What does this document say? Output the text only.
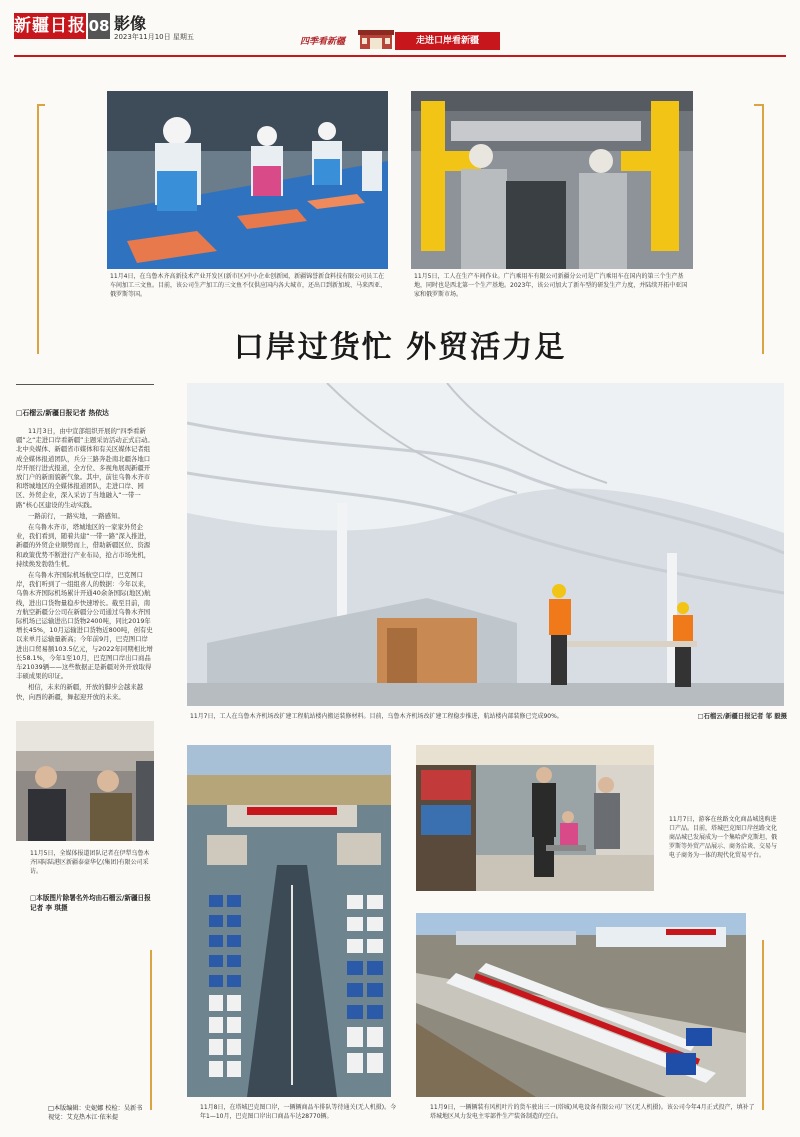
新疆日报 08 影像
2023年11月10日 星期五	四季看新疆	走进口岸看新疆
11月4日，在乌鲁木齐高新技术产业开发区(新市区)中小企业创新园，新疆锦誉新食料技有限公司员工在车间加工三文鱼。目前，该公司生产加工的三文鱼不仅供应国内各大城市，还出口到新加坡、马来西亚、俄罗斯等国。
11月5日，工人在生产车间作业。广汽乘用车有限公司新疆分公司是广汽乘用车在国内的第三个生产基地，同时也是西北第一个生产基地。2023年，该公司加大了新车型的研发生产力度，并陆续开拓中亚国家和俄罗斯市场。
口岸过货忙 外贸活力足
□石榴云/新疆日报记者 热依达

11月3日，由中宣部组织开展的“四季看新疆”之“走进口岸看新疆”主题采访活动正式启动。北中央媒体、新疆省市媒体和有关区媒体记者组成全媒体报道团队，兵分三路奔赴南北疆各地口岸开展行进式报道，全方位、多视角展现新疆开放门户的新面貌新气象。其中，前往乌鲁木齐市和塔城地区的全媒体报道团队，走进口岸、园区、外贸企业，深入采访了当地融入“一带一路”核心区建设的生动实践。

一路前行，一路实地，一路感知。

在乌鲁木齐市，塔城地区的一家家外贸企业，我们看到，随着共建“一带一路”深入推进，新疆的外贸企业顺势而上，借助新疆区位、资源和政策优势不断进行产业布局，抢占市场先机，持续焕发勃勃生机。

在乌鲁木齐国际机场航空口岸，巴克图口岸，我们听到了一组组喜人的数据：今年以来，乌鲁木齐国际机场累计开通40余条国际(地区)航线，进出口货物量稳步快速增长。截至目前，南方航空新疆分公司在新疆分公司通过乌鲁木齐国际机场已运输进出口货物2400吨，同比2019年增长45%，10月运输进口货物近800吨，创有史以来单月运输量新高；今年前9月，巴克图口岸进出口贸易额103.5亿元，与2022年同期相比增长58.1%，今年1至10月，巴克图口岸出口商品车21039辆——这些数据正是新疆对外开放取得丰硕成果的印证。

相信，未来的新疆，开放的脚步会越来越快，向西的新疆，舞起迎开放的未来。

11月7日，工人在乌鲁木齐机场改扩建工程航站楼内搬运装修材料。目前，乌鲁木齐机场改扩建工程稳步推进，航站楼内部装修已完成90%。	□石榴云/新疆日报记者 邹 毅摄
11月5日，全媒体报道团队记者在伊犁乌鲁木齐国际陆港区新疆泰豪华亿(集团)有限公司采访。
□本版图片除署名外均由石榴云/新疆日报记者 李 琪摄
11月8日，在塔城巴克图口岸，一辆辆商品车排队等待通关(无人机摄)。今年1—10月，巴克图口岸出口商品车达28770辆。
11月7日，游客在丝路文化商品城选购进口产品。目前，塔城巴克图口岸丝路文化商品城已发展成为一个集哈萨克斯坦、俄罗斯等外贸产品展示、商务洽谈、交易与电子商务为一体的现代化贸易平台。
11月9日，一辆辆装有风机叶片的货车驶出三一(塔城)风电设备有限公司厂区(无人机摄)。该公司今年4月正式投产，填补了塔城地区风力发电主零部件生产装备制造的空白。
□本版编辑：史妮娜 校检：吴新书
视觉：艾克热木江·依米提
